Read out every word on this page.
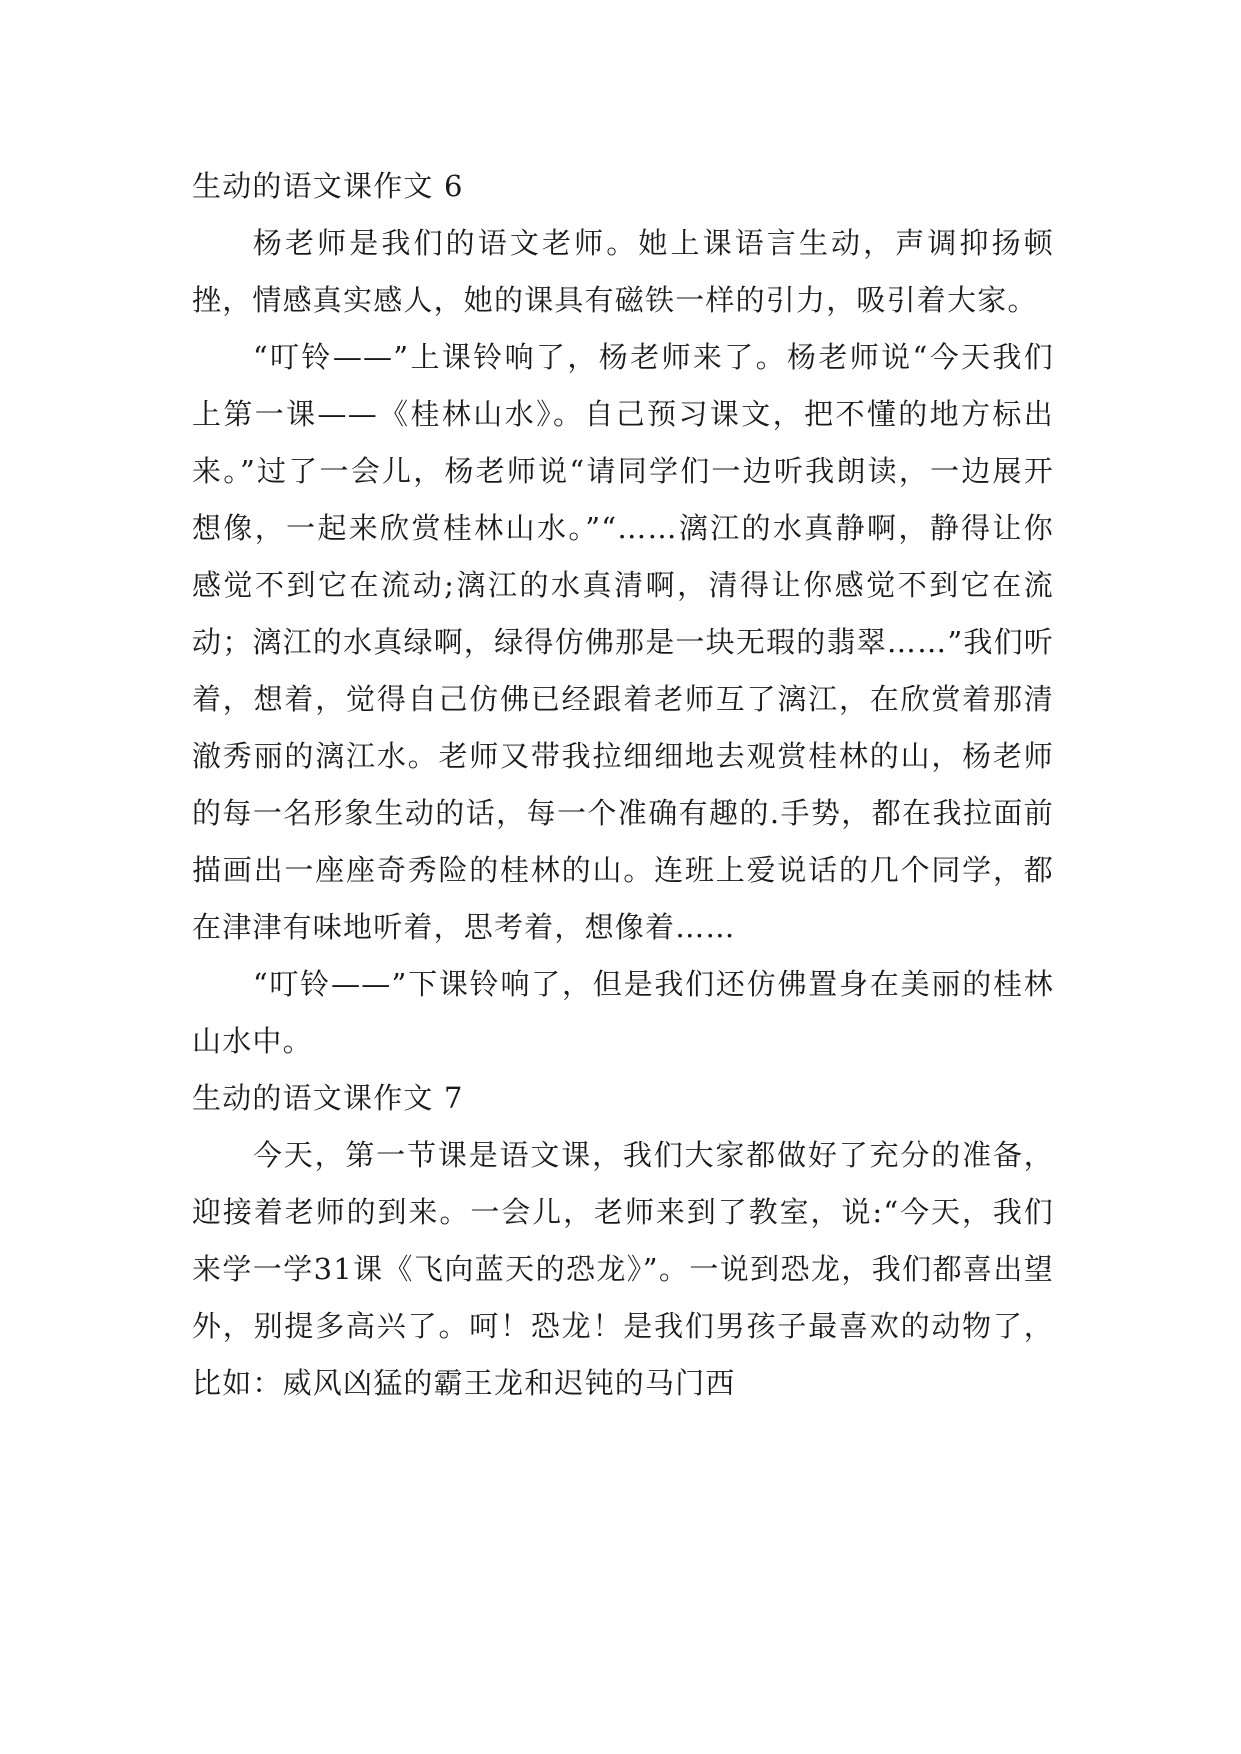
生动的语文课作文 6

杨老师是我们的语文老师。她上课语言生动，声调抑扬顿挫，情感真实感人，她的课具有磁铁一样的引力，吸引着大家。

“叮铃——”上课铃响了，杨老师来了。杨老师说“今天我们上第一课——《桂林山水》。自己预习课文，把不懂的地方标出来。”过了一会儿，杨老师说“请同学们一边听我朗读，一边展开想像，一起来欣赏桂林山水。”“……漓江的水真静啊，静得让你感觉不到它在流动;漓江的水真清啊，清得让你感觉不到它在流动；漓江的水真绿啊，绿得仿佛那是一块无瑕的翡翠……”我们听着，想着，觉得自己仿佛已经跟着老师互了漓江，在欣赏着那清澈秀丽的漓江水。老师又带我拉细细地去观赏桂林的山，杨老师的每一名形象生动的话，每一个准确有趣的.手势，都在我拉面前描画出一座座奇秀险的桂林的山。连班上爱说话的几个同学，都在津津有味地听着，思考着，想像着……

“叮铃——”下课铃响了，但是我们还仿佛置身在美丽的桂林山水中。

生动的语文课作文 7

今天，第一节课是语文课，我们大家都做好了充分的准备，迎接着老师的到来。一会儿，老师来到了教室，说:“今天，我们来学一学31课《飞向蓝天的恐龙》”。一说到恐龙，我们都喜出望外，别提多高兴了。呵！恐龙！是我们男孩子最喜欢的动物了，比如：威风凶猛的霸王龙和迟钝的马门西
